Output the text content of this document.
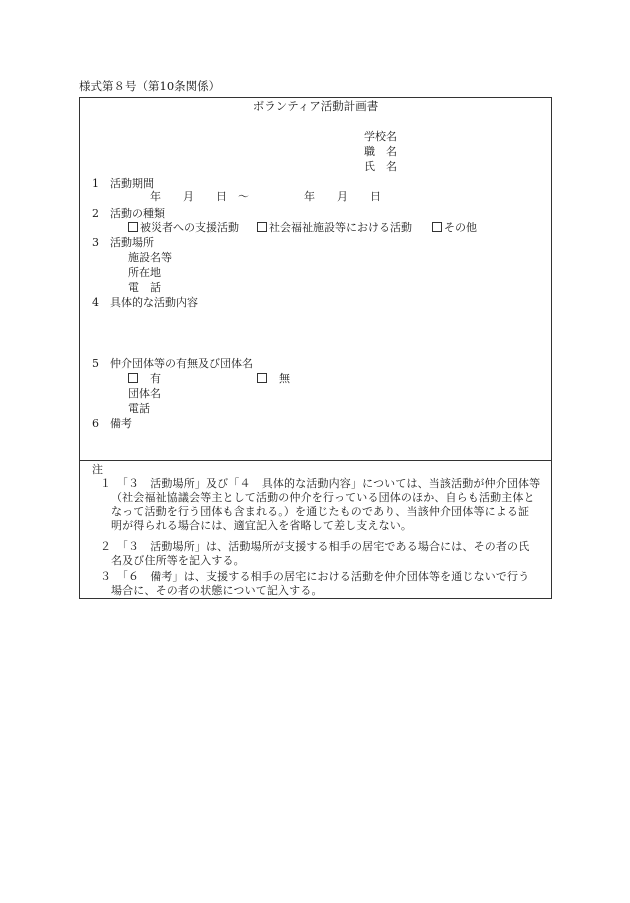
様式第８号（第10条関係）
ボランティア活動計画書
学校名
職　名
氏　名
1 活動期間
年　　月　　日　〜　　　　　年　　月　　日
2 活動の種類
被災者への支援活動	社会福祉施設等における活動	その他
3 活動場所
施設名等
所在地
電　話
4 具体的な活動内容
5 仲介団体等の有無及び団体名
有	無
団体名
電話
6 備考
注
１　「３　活動場所」及び「４　具体的な活動内容」については、当該活動が仲介団体等
（社会福祉協議会等主として活動の仲介を行っている団体のほか、自らも活動主体と
なって活動を行う団体も含まれる。）を通じたものであり、当該仲介団体等による証
明が得られる場合には、適宜記入を省略して差し支えない。
２　「３　活動場所」は、活動場所が支援する相手の居宅である場合には、その者の氏
名及び住所等を記入する。
３　「６　備考」は、支援する相手の居宅における活動を仲介団体等を通じないで行う
場合に、その者の状態について記入する。
